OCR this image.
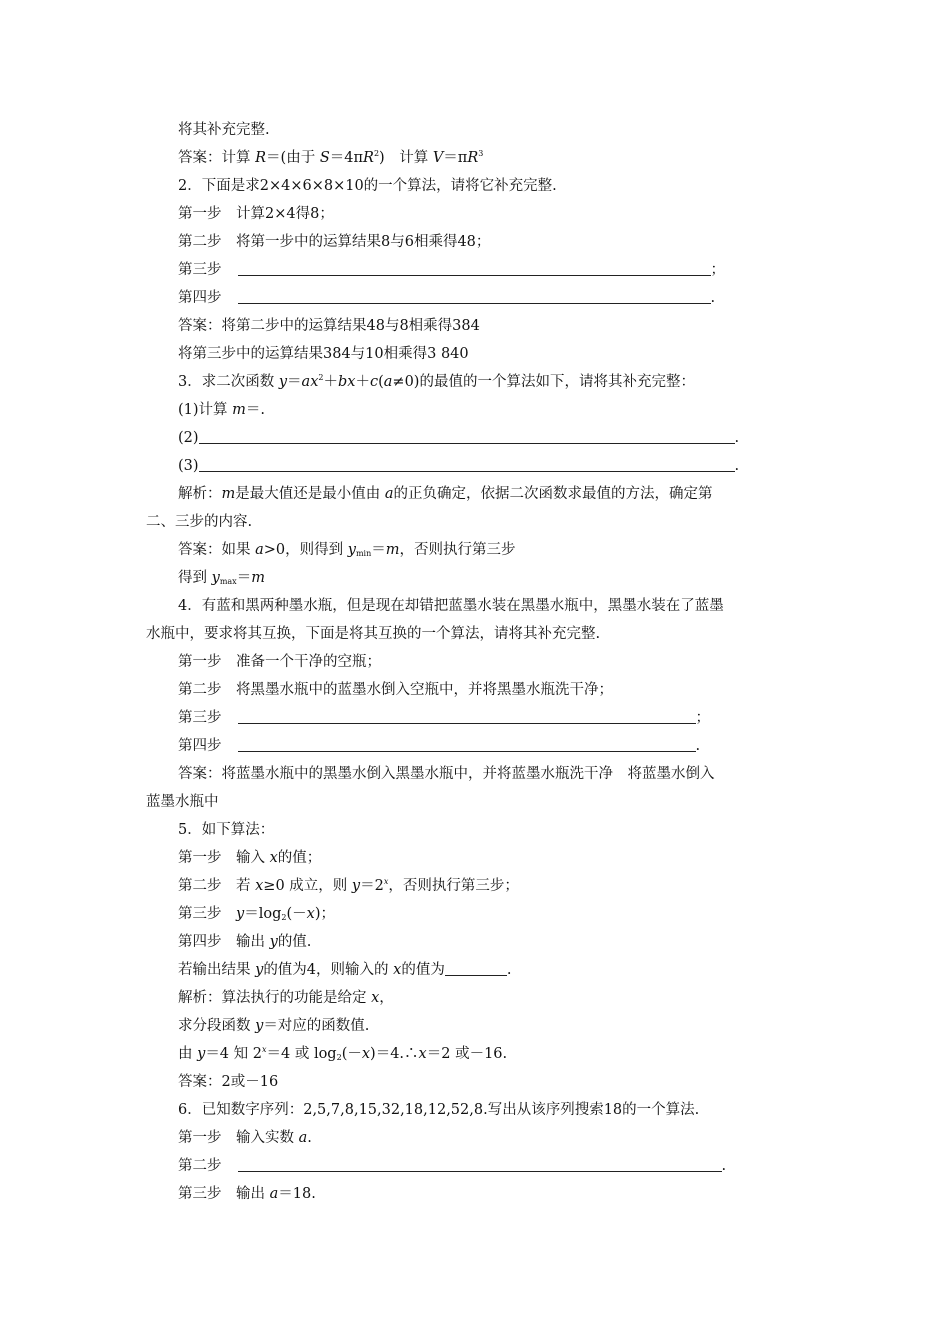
将其补充完整.
答案：计算 R＝(由于 $S=4\pi R^2$)　计算 $V=\pi R^3$
2．下面是求2×4×6×8×10的一个算法，请将它补充完整.
第一步　计算2×4得8；
第二步　将第一步中的运算结果8与6相乘得48；
第三步	；
第四步	.
答案：将第二步中的运算结果48与8相乘得384
将第三步中的运算结果384与10相乘得3 840
3．求二次函数 $y=ax^2+bx+c(a\ne 0)$的最值的一个算法如下，请将其补充完整：
(1)计算 m＝.
(2)	.
(3)	.
解析：m是最大值还是最小值由 a的正负确定，依据二次函数求最值的方法，确定第
二、三步的内容.
答案：如果 a>0，则得到 $y_{min}=m$，否则执行第三步
得到 $y_{max}=m$
4．有蓝和黑两种墨水瓶，但是现在却错把蓝墨水装在黑墨水瓶中，黑墨水装在了蓝墨
水瓶中，要求将其互换，下面是将其互换的一个算法，请将其补充完整.
第一步　准备一个干净的空瓶；
第二步　将黑墨水瓶中的蓝墨水倒入空瓶中，并将黑墨水瓶洗干净；
第三步	；
第四步	.
答案：将蓝墨水瓶中的黑墨水倒入黑墨水瓶中，并将蓝墨水瓶洗干净　将蓝墨水倒入
蓝墨水瓶中
5．如下算法：
第一步　输入 x的值；
第二步　若 x≥0 成立，则 $y=2^x$，否则执行第三步；
第三步　$y=\log_2(-x)$；
第四步　输出 y的值.
若输出结果 y的值为4，则输入的 x的值为	.
解析：算法执行的功能是给定 x，
求分段函数 y＝对应的函数值.
由 y＝4 知 $2^x=4$ 或 $\log_2(-x)=4.\therefore x=2$ 或－16.
答案：2或－16
6．已知数字序列：2,5,7,8,15,32,18,12,52,8.写出从该序列搜索18的一个算法.
第一步　输入实数 a.
第二步	.
第三步　输出 a＝18.
